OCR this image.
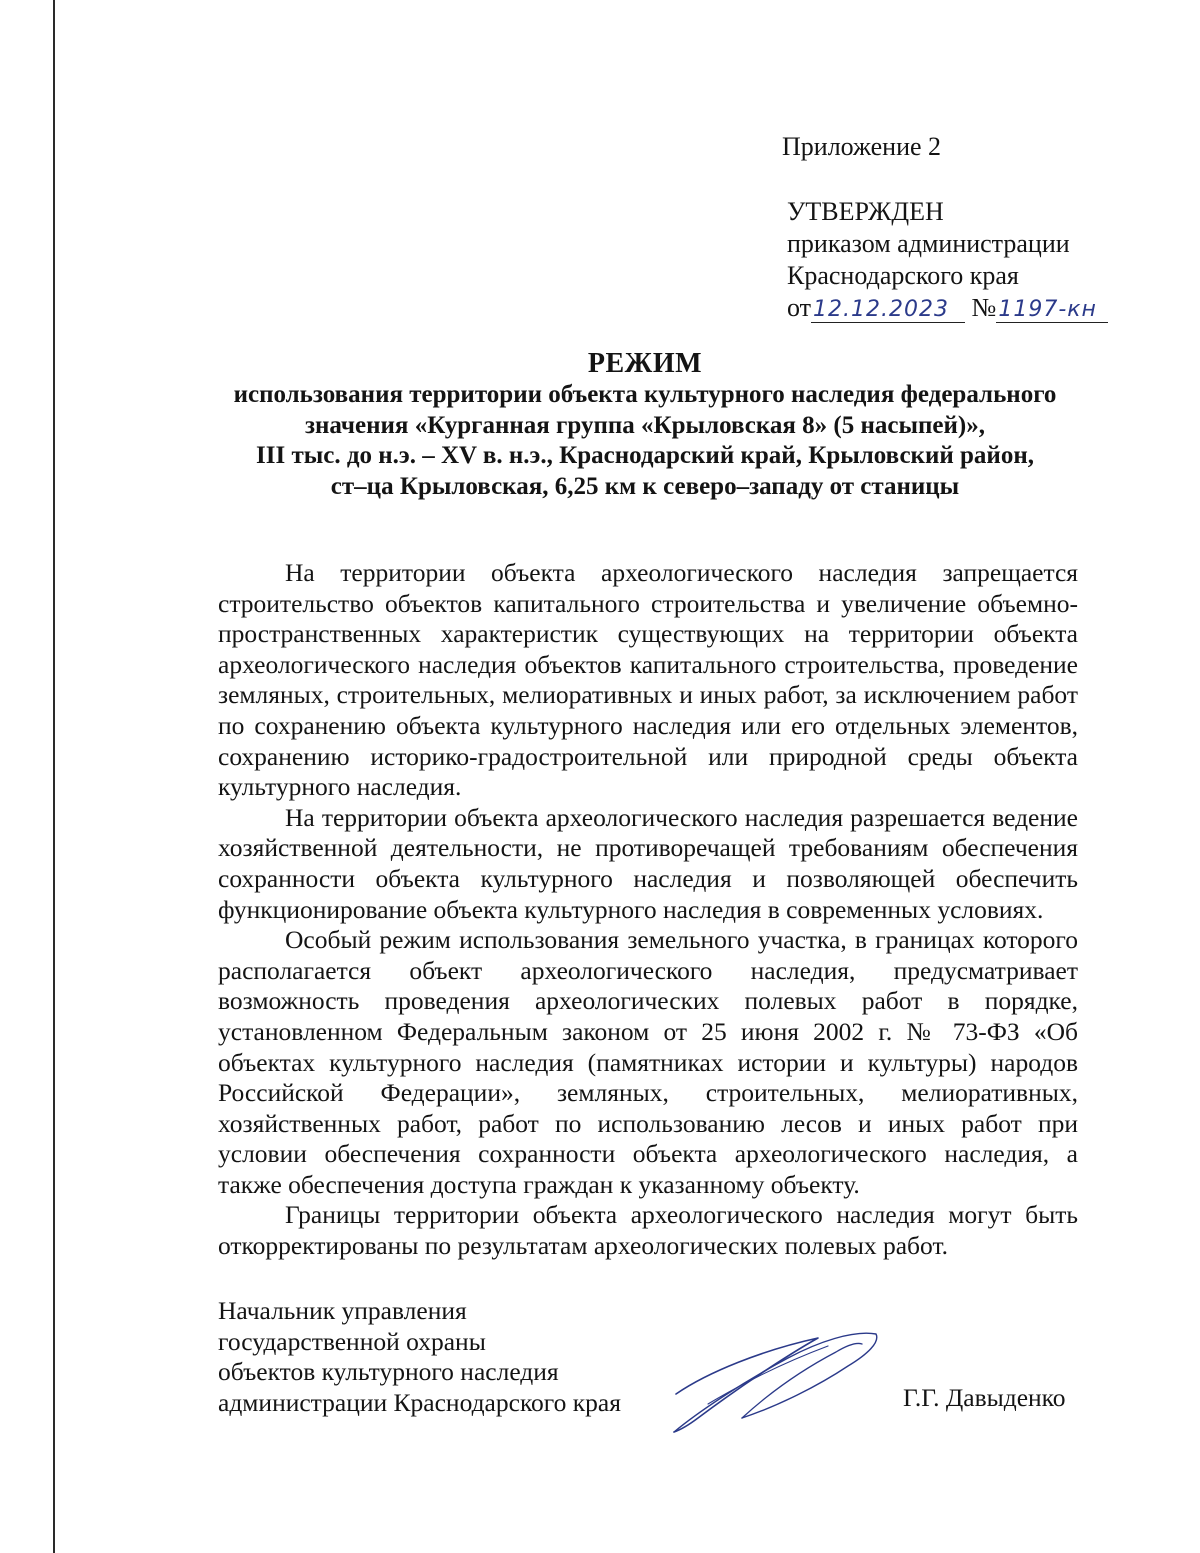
Приложение 2
УТВЕРЖДЕН
приказом администрации
Краснодарского края
от12.12.2023 №1197-кн
РЕЖИМ
использования территории объекта культурного наследия федерального
значения «Курганная группа «Крыловская 8» (5 насыпей)»,
III тыс. до н.э. – XV в. н.э., Краснодарский край, Крыловский район,
ст–ца Крыловская, 6,25 км к северо–западу от станицы

На территории объекта археологического наследия запрещается строительство объектов капитального строительства и увеличение объемно-пространственных характеристик существующих на территории объекта археологического наследия объектов капитального строительства, проведение земляных, строительных, мелиоративных и иных работ, за исключением работ по сохранению объекта культурного наследия или его отдельных элементов, сохранению историко-градостроительной или природной среды объекта культурного наследия.

На территории объекта археологического наследия разрешается ведение хозяйственной деятельности, не противоречащей требованиям обеспечения сохранности объекта культурного наследия и позволяющей обеспечить функционирование объекта культурного наследия в современных условиях.

Особый режим использования земельного участка, в границах которого располагается объект археологического наследия, предусматривает возможность проведения археологических полевых работ в порядке, установленном Федеральным законом от 25 июня 2002 г. № 73-ФЗ «Об объектах культурного наследия (памятниках истории и культуры) народов Российской Федерации», земляных, строительных, мелиоративных, хозяйственных работ, работ по использованию лесов и иных работ при условии обеспечения сохранности объекта археологического наследия, а также обеспечения доступа граждан к указанному объекту.

Границы территории объекта археологического наследия могут быть откорректированы по результатам археологических полевых работ.

Начальник управления
государственной охраны
объектов культурного наследия
администрации Краснодарского края	Г.Г. Давыденко
